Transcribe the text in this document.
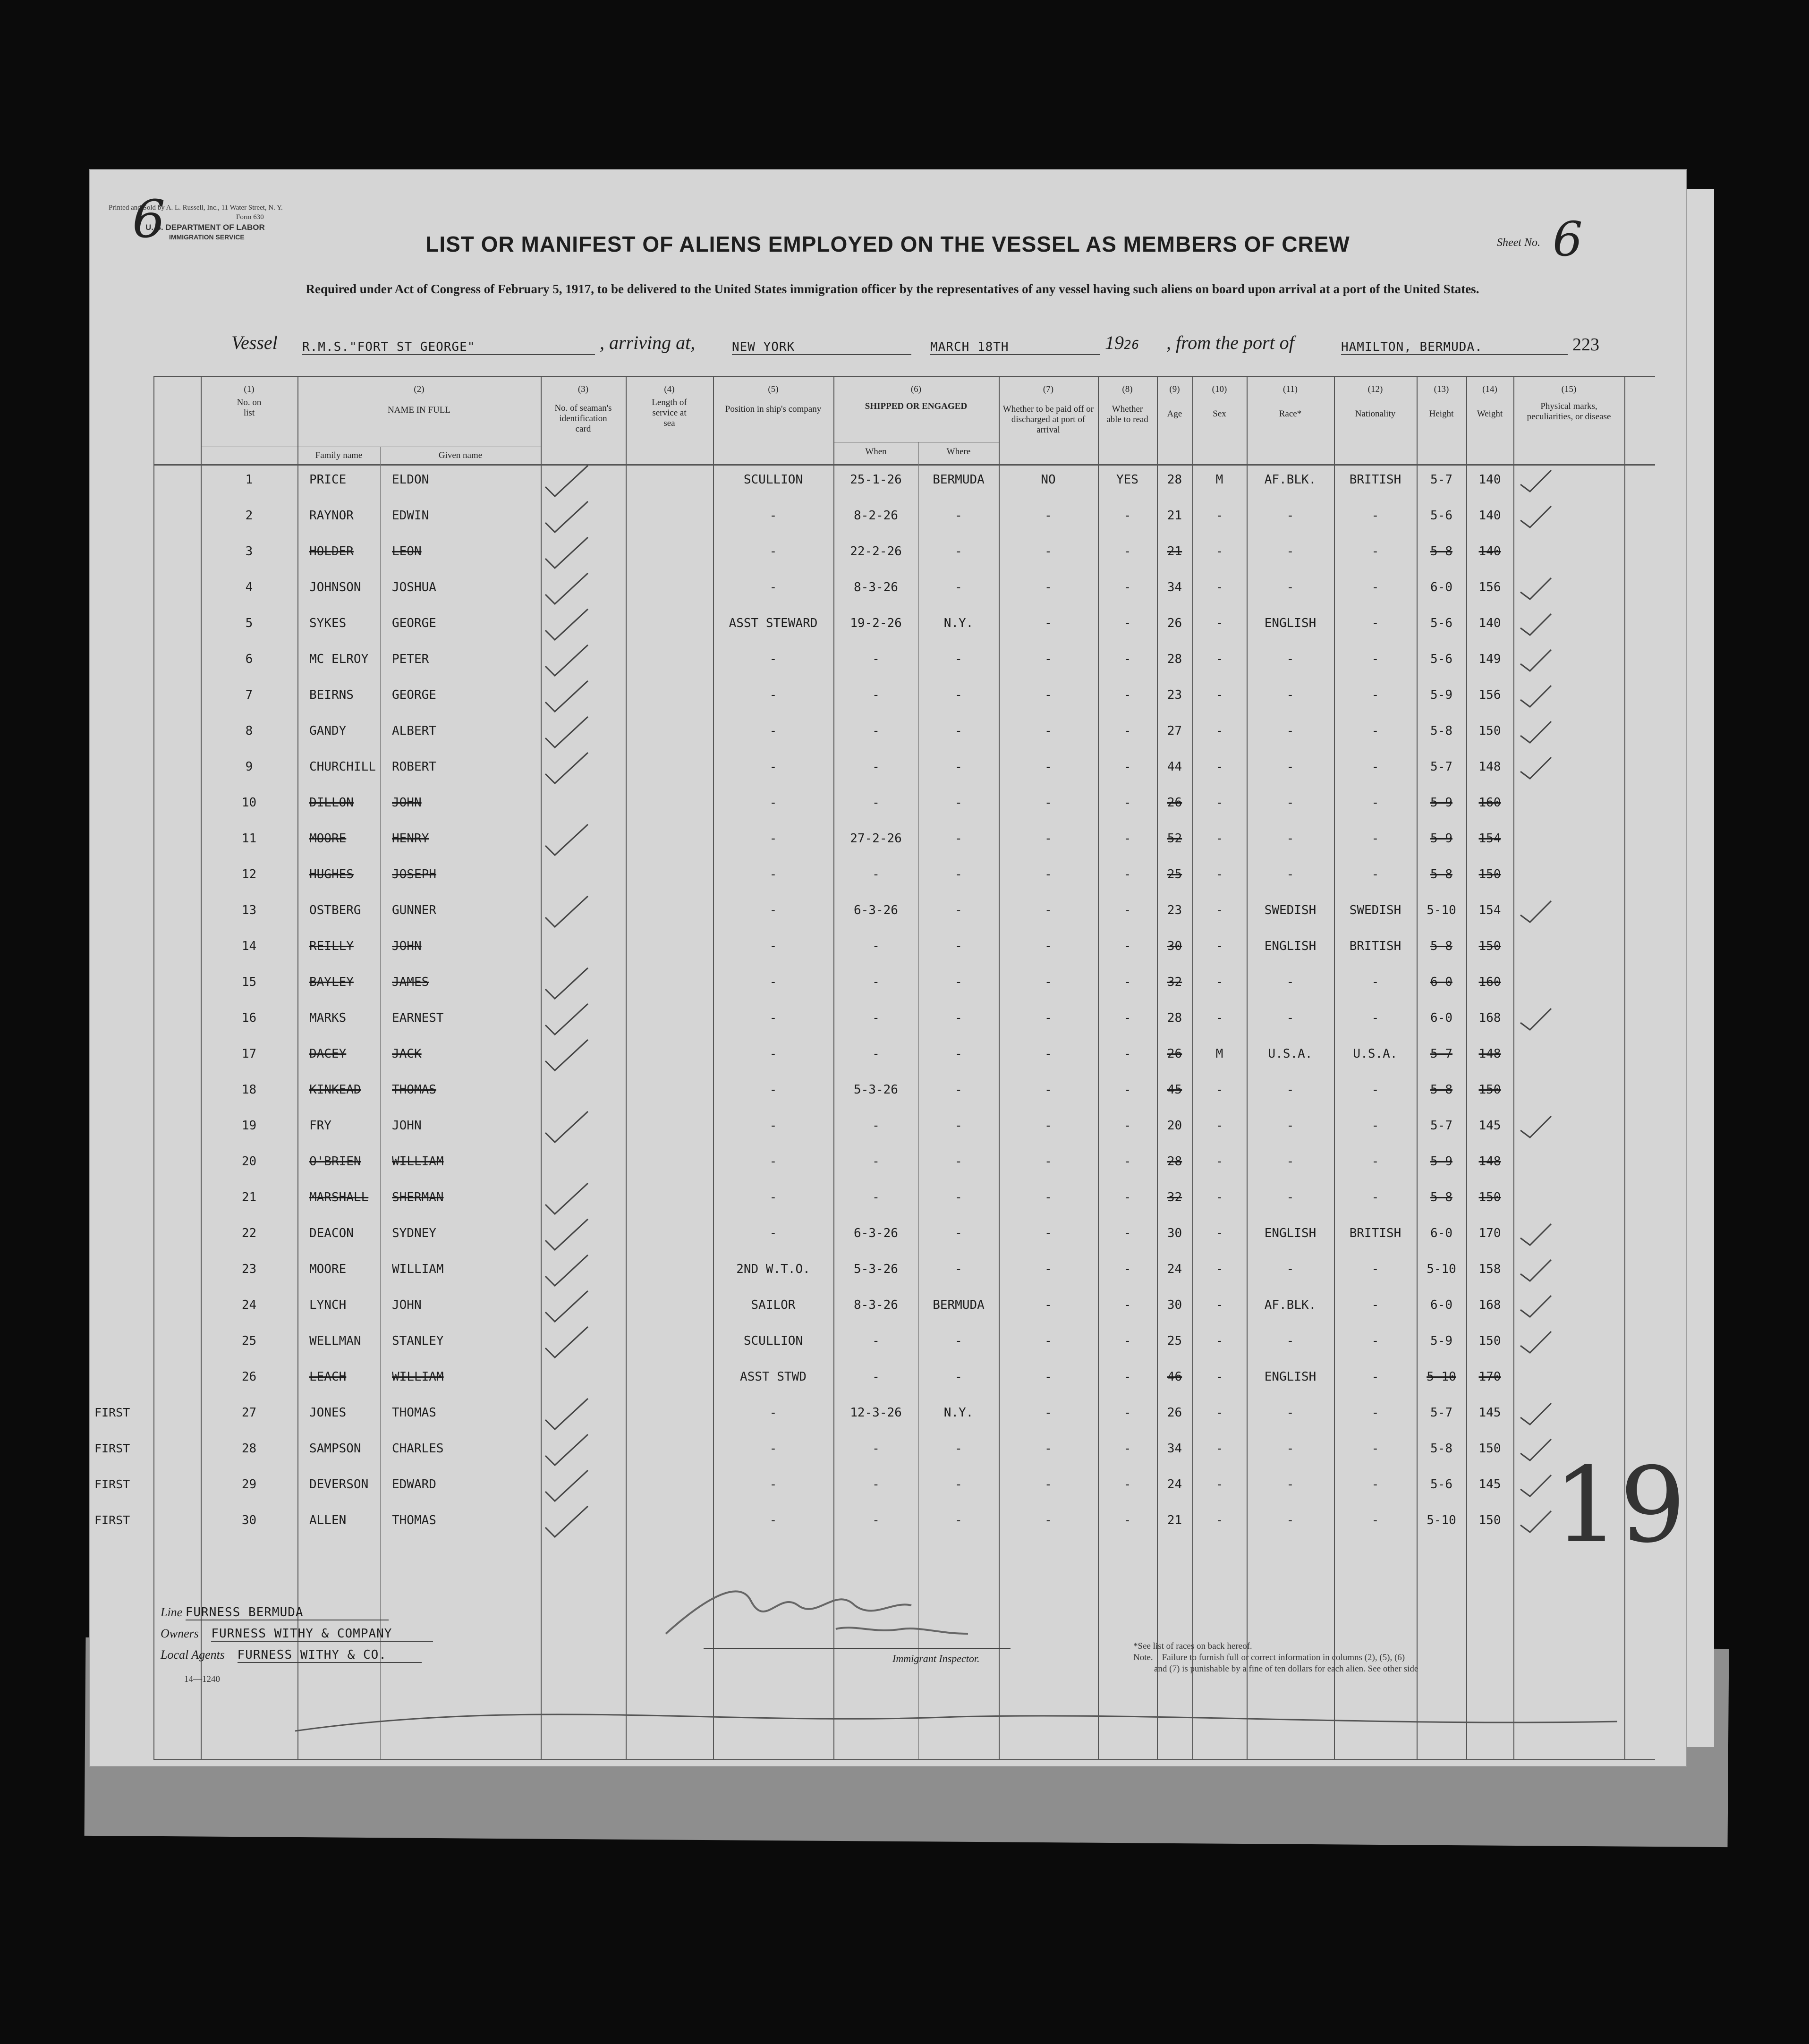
Printed and Sold by A. L. Russell, Inc., 11 Water Street, N. Y.
Form 630
U. S. DEPARTMENT OF LABOR
IMMIGRATION SERVICE
6	LIST OR MANIFEST OF ALIENS EMPLOYED ON THE VESSEL AS MEMBERS OF CREW
Required under Act of Congress of February 5, 1917, to be delivered to the United States immigration officer by the representatives of any vessel having such aliens on board upon arrival at a port of the United States.
Sheet No. 6
Vessel R.M.S."FORT ST GEORGE"	, arriving at,	NEW YORK	MARCH 18TH	1926 , from the port of	HAMILTON, BERMUDA.	223
(1)
No. on list
(2)
NAME IN FULL
Family name	Given name
(3)
No. of seaman's identification card
(4)
Length of service at sea
(5)
Position in ship's company
(6)
SHIPPED OR ENGAGED
When	Where
(7)
Whether to be paid off or discharged at port of arrival
(8)
Whether able to read
(9)
Age
(10)
Sex
(11)
Race*
(12)
Nationality
(13)
Height
(14)
Weight
(15)
Physical marks, peculiarities, or disease
1	PRICE	ELDON	SCULLION	25-1-26	BERMUDA	NO	YES	28	M	AF.BLK.	BRITISH	5-7	140
2	RAYNOR	EDWIN	-	8-2-26	-	-	-	21	-	-	-	5-6	140
3	HOLDER	LEON	-	22-2-26	-	-	-	21	-	-	-	5-8	140
4	JOHNSON	JOSHUA	-	8-3-26	-	-	-	34	-	-	-	6-0	156
5	SYKES	GEORGE	ASST STEWARD	19-2-26	N.Y.	-	-	26	-	ENGLISH	-	5-6	140
6	MC ELROY	PETER	-	-	-	-	-	28	-	-	-	5-6	149
7	BEIRNS	GEORGE	-	-	-	-	-	23	-	-	-	5-9	156
8	GANDY	ALBERT	-	-	-	-	-	27	-	-	-	5-8	150
9	CHURCHILL	ROBERT	-	-	-	-	-	44	-	-	-	5-7	148
10	DILLON	JOHN	-	-	-	-	-	26	-	-	-	5-9	160
11	MOORE	HENRY	-	27-2-26	-	-	-	52	-	-	-	5-9	154
12	HUGHES	JOSEPH	-	-	-	-	-	25	-	-	-	5-8	150
13	OSTBERG	GUNNER	-	6-3-26	-	-	-	23	-	SWEDISH	SWEDISH	5-10	154
14	REILLY	JOHN	-	-	-	-	-	30	-	ENGLISH	BRITISH	5-8	150
15	BAYLEY	JAMES	-	-	-	-	-	32	-	-	-	6-0	160
16	MARKS	EARNEST	-	-	-	-	-	28	-	-	-	6-0	168
17	DACEY	JACK	-	-	-	-	-	26	M	U.S.A.	U.S.A.	5-7	148
18	KINKEAD	THOMAS	-	5-3-26	-	-	-	45	-	-	-	5-8	150
19	FRY	JOHN	-	-	-	-	-	20	-	-	-	5-7	145
20	O'BRIEN	WILLIAM	-	-	-	-	-	28	-	-	-	5-9	148
21	MARSHALL	SHERMAN	-	-	-	-	-	32	-	-	-	5-8	150
22	DEACON	SYDNEY	-	6-3-26	-	-	-	30	-	ENGLISH	BRITISH	6-0	170
23	MOORE	WILLIAM	2ND W.T.O.	5-3-26	-	-	-	24	-	-	-	5-10	158
24	LYNCH	JOHN	SAILOR	8-3-26	BERMUDA	-	-	30	-	AF.BLK.	-	6-0	168
25	WELLMAN	STANLEY	SCULLION	-	-	-	-	25	-	-	-	5-9	150
26	LEACH	WILLIAM	ASST STWD	-	-	-	-	46	-	ENGLISH	-	5-10	170
FIRST	27	JONES	THOMAS	-	12-3-26	N.Y.	-	-	26	-	-	-	5-7	145
FIRST	28	SAMPSON	CHARLES	-	-	-	-	-	34	-	-	-	5-8	150
FIRST	29	DEVERSON	EDWARD	-	-	-	-	-	24	-	-	-	5-6	145
FIRST	30	ALLEN	THOMAS	-	-	-	-	-	21	-	-	-	5-10	150 19
Line FURNESS BERMUDA
Owners FURNESS WITHY & COMPANY
Local Agents FURNESS WITHY & CO.
14—1240
Immigrant Inspector.
*See list of races on back hereof.
Note.—Failure to furnish full or correct information in columns (2), (5), (6)
and (7) is punishable by a fine of ten dollars for each alien. See other side
